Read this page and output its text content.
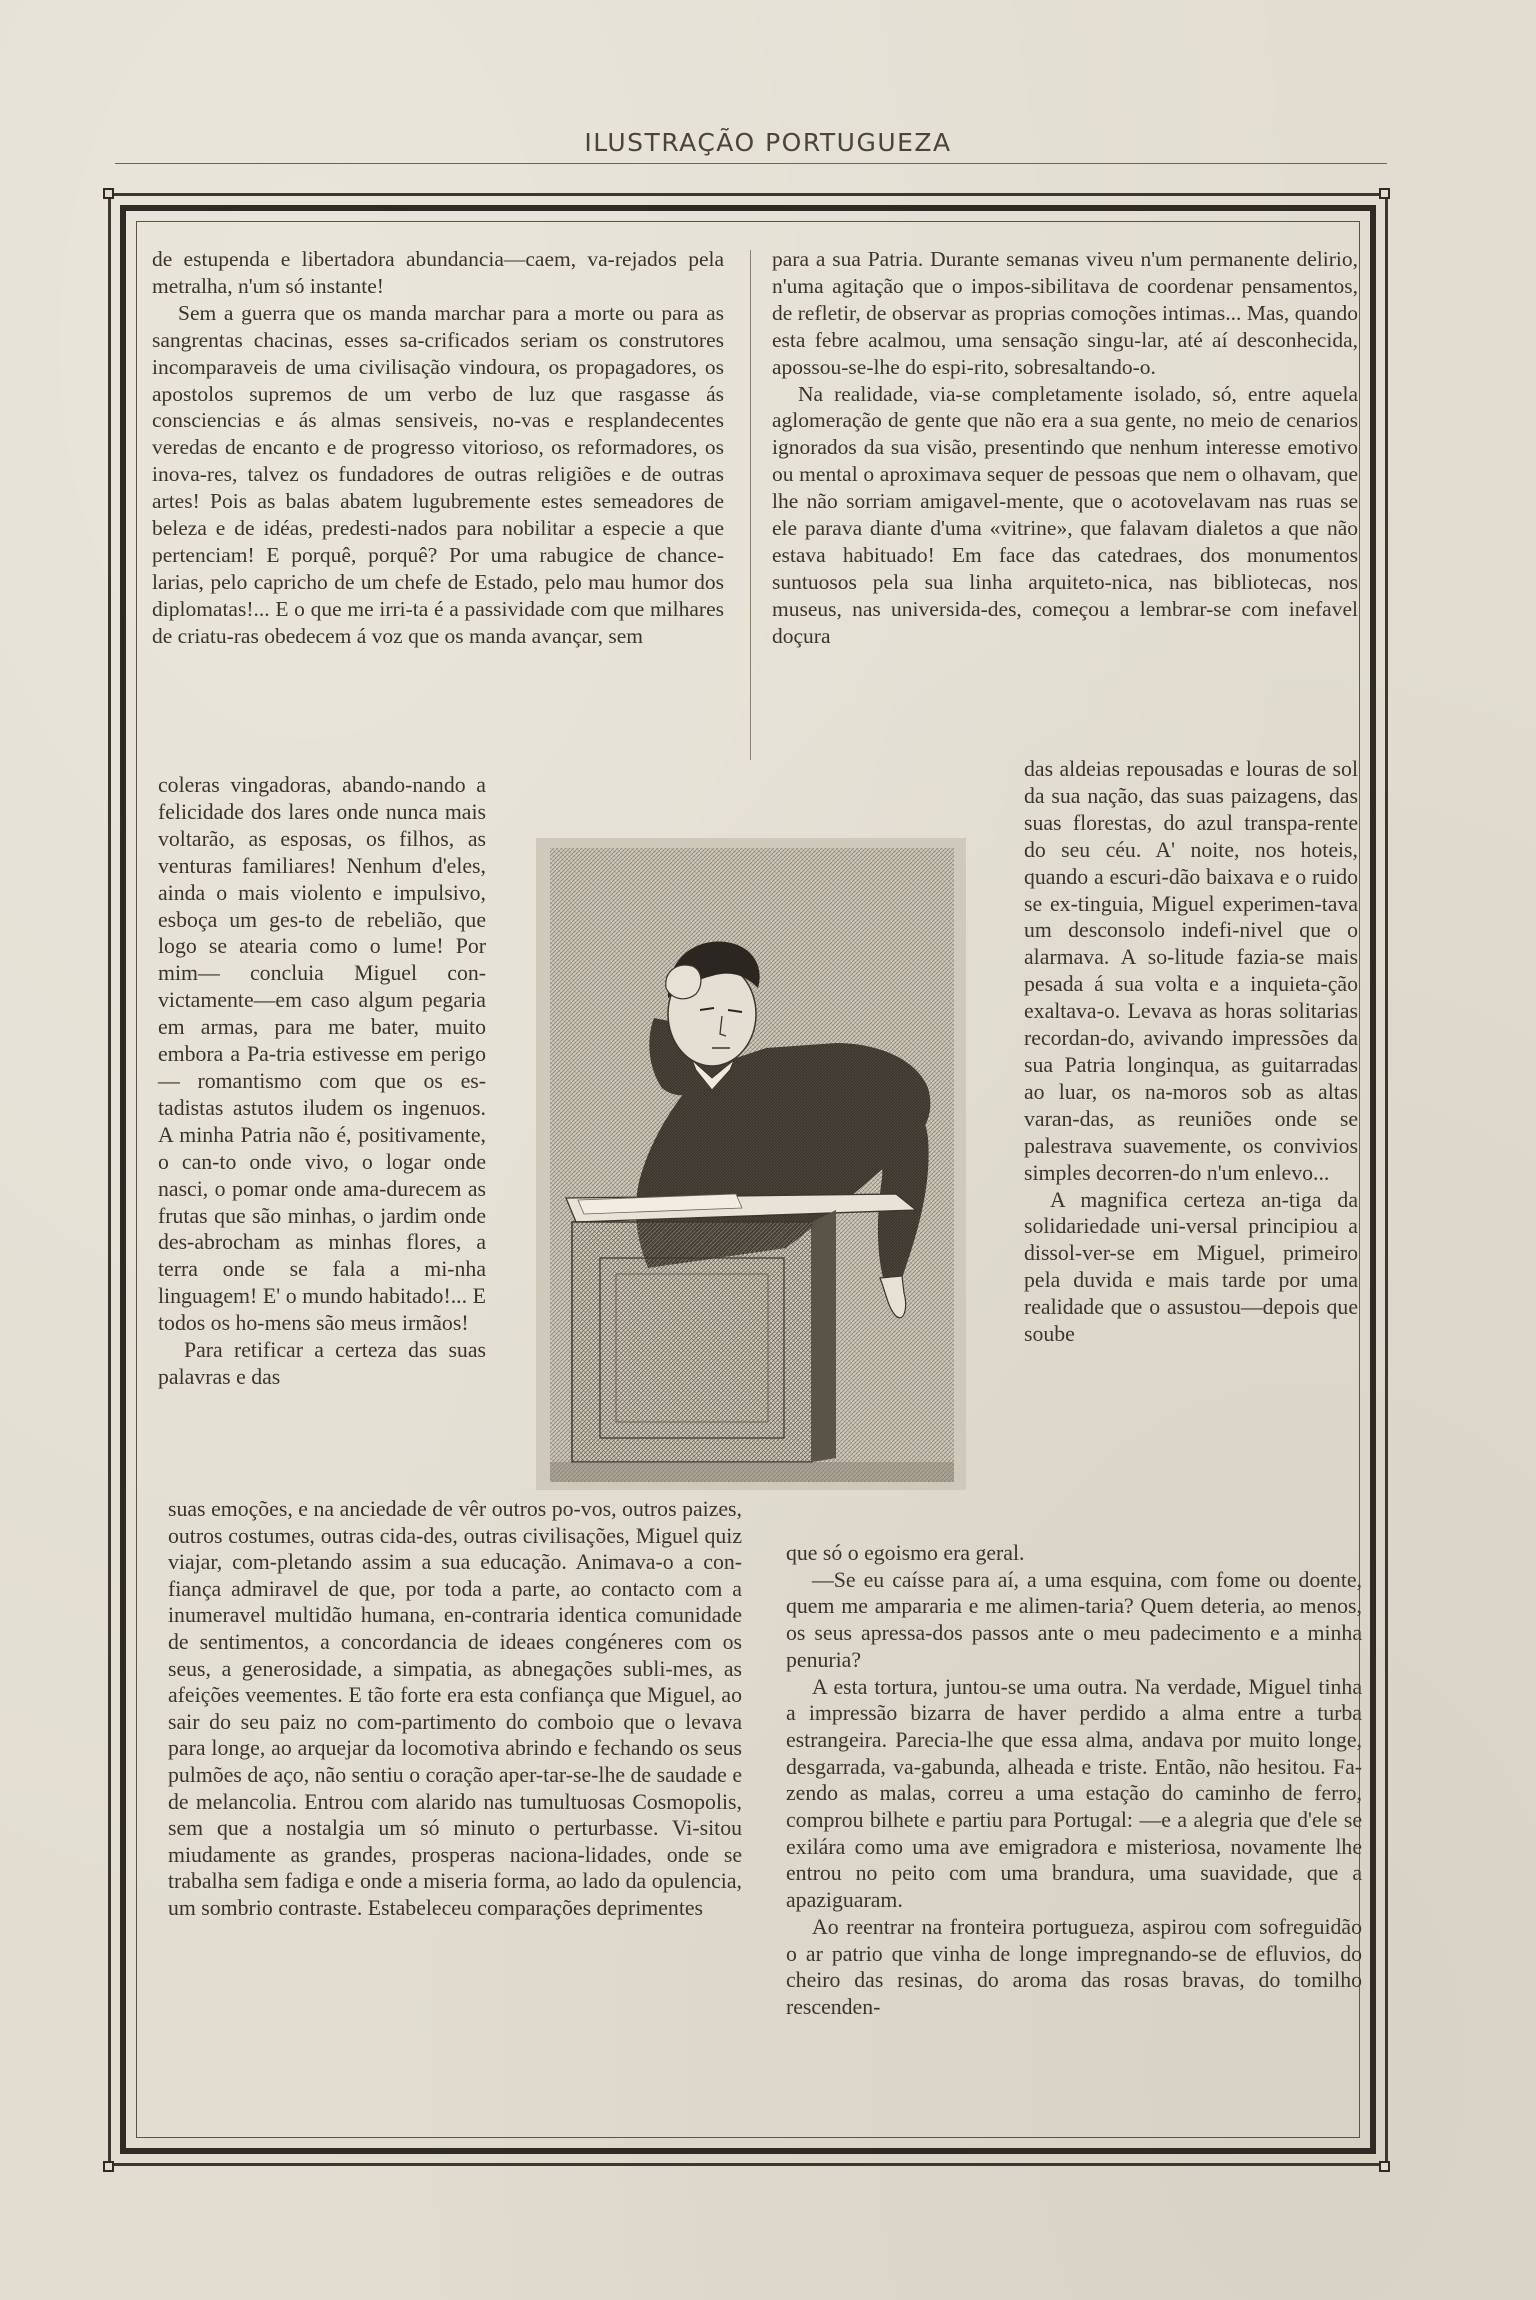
ILUSTRAÇÃO PORTUGUEZA

de estupenda e libertadora abundancia—caem, va-rejados pela metralha, n'um só instante!

Sem a guerra que os manda marchar para a morte ou para as sangrentas chacinas, esses sa-crificados seriam os construtores incomparaveis de uma civilisação vindoura, os propagadores, os apostolos supremos de um verbo de luz que rasgasse ás consciencias e ás almas sensiveis, no-vas e resplandecentes veredas de encanto e de progresso vitorioso, os reformadores, os inova-res, talvez os fundadores de outras religiões e de outras artes! Pois as balas abatem lugubremente estes semeadores de beleza e de idéas, predesti-nados para nobilitar a especie a que pertenciam! E porquê, porquê? Por uma rabugice de chance-larias, pelo capricho de um chefe de Estado, pelo mau humor dos diplomatas!... E o que me irri-ta é a passividade com que milhares de criatu-ras obedecem á voz que os manda avançar, sem

coleras vingadoras, abando-nando a felicidade dos lares onde nunca mais voltarão, as esposas, os filhos, as venturas familiares! Nenhum d'eles, ainda o mais violento e impulsivo, esboça um ges-to de rebelião, que logo se atearia como o lume! Por mim— concluia Miguel con-victamente—em caso algum pegaria em armas, para me bater, muito embora a Pa-tria estivesse em perigo — romantismo com que os es-tadistas astutos iludem os ingenuos. A minha Patria não é, positivamente, o can-to onde vivo, o logar onde nasci, o pomar onde ama-durecem as frutas que são minhas, o jardim onde des-abrocham as minhas flores, a terra onde se fala a mi-nha linguagem! E' o mundo habitado!... E todos os ho-mens são meus irmãos!

Para retificar a certeza das suas palavras e das

suas emoções, e na anciedade de vêr outros po-vos, outros paizes, outros costumes, outras cida-des, outras civilisações, Miguel quiz viajar, com-pletando assim a sua educação. Animava-o a con-fiança admiravel de que, por toda a parte, ao contacto com a inumeravel multidão humana, en-contraria identica comunidade de sentimentos, a concordancia de ideaes congéneres com os seus, a generosidade, a simpatia, as abnegações subli-mes, as afeições veementes. E tão forte era esta confiança que Miguel, ao sair do seu paiz no com-partimento do comboio que o levava para longe, ao arquejar da locomotiva abrindo e fechando os seus pulmões de aço, não sentiu o coração aper-tar-se-lhe de saudade e de melancolia. Entrou com alarido nas tumultuosas Cosmopolis, sem que a nostalgia um só minuto o perturbasse. Vi-sitou miudamente as grandes, prosperas naciona-lidades, onde se trabalha sem fadiga e onde a miseria forma, ao lado da opulencia, um sombrio contraste. Estabeleceu comparações deprimentes

para a sua Patria. Durante semanas viveu n'um permanente delirio, n'uma agitação que o impos-sibilitava de coordenar pensamentos, de refletir, de observar as proprias comoções intimas... Mas, quando esta febre acalmou, uma sensação singu-lar, até aí desconhecida, apossou-se-lhe do espi-rito, sobresaltando-o.

Na realidade, via-se completamente isolado, só, entre aquela aglomeração de gente que não era a sua gente, no meio de cenarios ignorados da sua visão, presentindo que nenhum interesse emotivo ou mental o aproximava sequer de pessoas que nem o olhavam, que lhe não sorriam amigavel-mente, que o acotovelavam nas ruas se ele parava diante d'uma «vitrine», que falavam dialetos a que não estava habituado! Em face das catedraes, dos monumentos suntuosos pela sua linha arquiteto-nica, nas bibliotecas, nos museus, nas universida-des, começou a lembrar-se com inefavel doçura

das aldeias repousadas e louras de sol da sua nação, das suas paizagens, das suas florestas, do azul transpa-rente do seu céu. A' noite, nos hoteis, quando a escuri-dão baixava e o ruido se ex-tinguia, Miguel experimen-tava um desconsolo indefi-nivel que o alarmava. A so-litude fazia-se mais pesada á sua volta e a inquieta-ção exaltava-o. Levava as horas solitarias recordan-do, avivando impressões da sua Patria longinqua, as guitarradas ao luar, os na-moros sob as altas varan-das, as reuniões onde se palestrava suavemente, os convivios simples decorren-do n'um enlevo...

A magnifica certeza an-tiga da solidariedade uni-versal principiou a dissol-ver-se em Miguel, primeiro pela duvida e mais tarde por uma realidade que o assustou—depois que soube

que só o egoismo era geral.

—Se eu caísse para aí, a uma esquina, com fome ou doente, quem me ampararia e me alimen-taria? Quem deteria, ao menos, os seus apressa-dos passos ante o meu padecimento e a minha penuria?

A esta tortura, juntou-se uma outra. Na verdade, Miguel tinha a impressão bizarra de haver perdido a alma entre a turba estrangeira. Parecia-lhe que essa alma, andava por muito longe, desgarrada, va-gabunda, alheada e triste. Então, não hesitou. Fa-zendo as malas, correu a uma estação do caminho de ferro, comprou bilhete e partiu para Portugal: —e a alegria que d'ele se exilára como uma ave emigradora e misteriosa, novamente lhe entrou no peito com uma brandura, uma suavidade, que a apaziguaram.

Ao reentrar na fronteira portugueza, aspirou com sofreguidão o ar patrio que vinha de longe impregnando-se de efluvios, do cheiro das resinas, do aroma das rosas bravas, do tomilho rescenden-
